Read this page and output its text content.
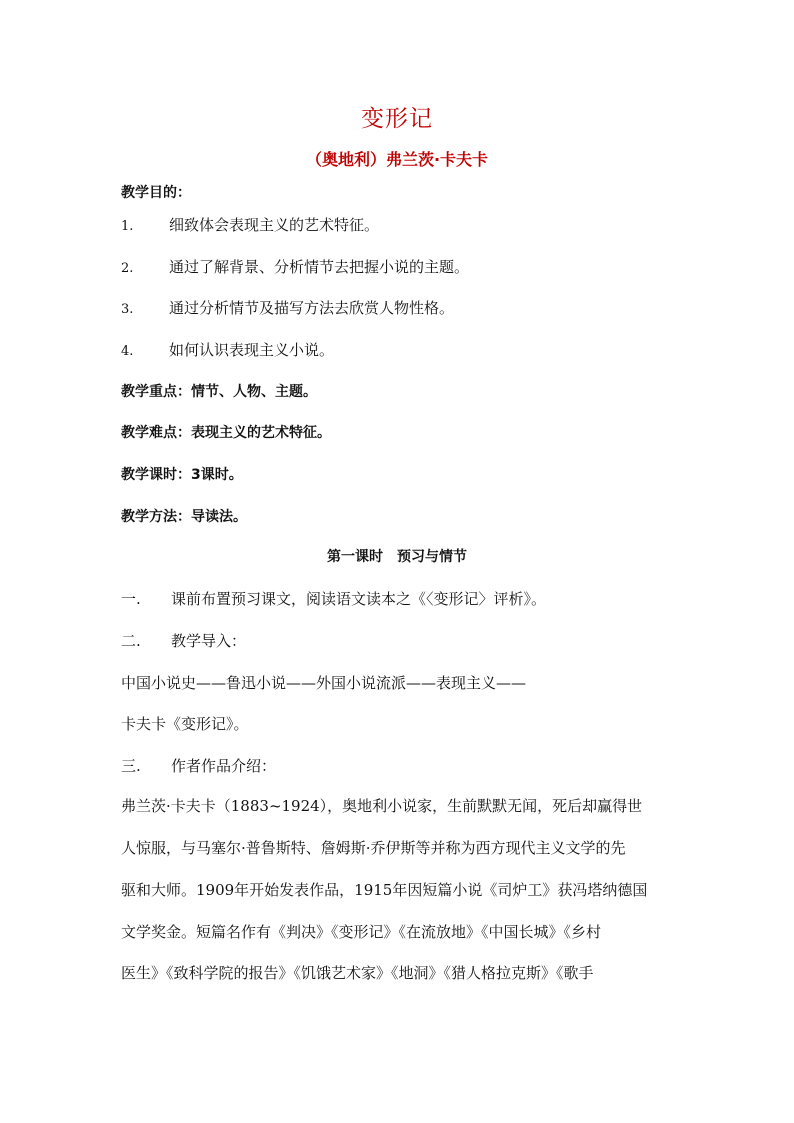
变形记
（奥地利）弗兰茨·卡夫卡
教学目的：
1. 细致体会表现主义的艺术特征。
2. 通过了解背景、分析情节去把握小说的主题。
3. 通过分析情节及描写方法去欣赏人物性格。
4. 如何认识表现主义小说。
教学重点：情节、人物、主题。
教学难点：表现主义的艺术特征。
教学课时：3课时。
教学方法：导读法。
第一课时　预习与情节
一. 课前布置预习课文，阅读语文读本之《〈变形记〉评析》。
二. 教学导入：
中国小说史——鲁迅小说——外国小说流派——表现主义——
卡夫卡《变形记》。
三. 作者作品介绍：
弗兰茨·卡夫卡（1883~1924），奥地利小说家，生前默默无闻，死后却赢得世
人惊服，与马塞尔·普鲁斯特、詹姆斯·乔伊斯等并称为西方现代主义文学的先
驱和大师。1909年开始发表作品，1915年因短篇小说《司炉工》获冯塔纳德国
文学奖金。短篇名作有《判决》《变形记》《在流放地》《中国长城》《乡村
医生》《致科学院的报告》《饥饿艺术家》《地洞》《猎人格拉克斯》《歌手
